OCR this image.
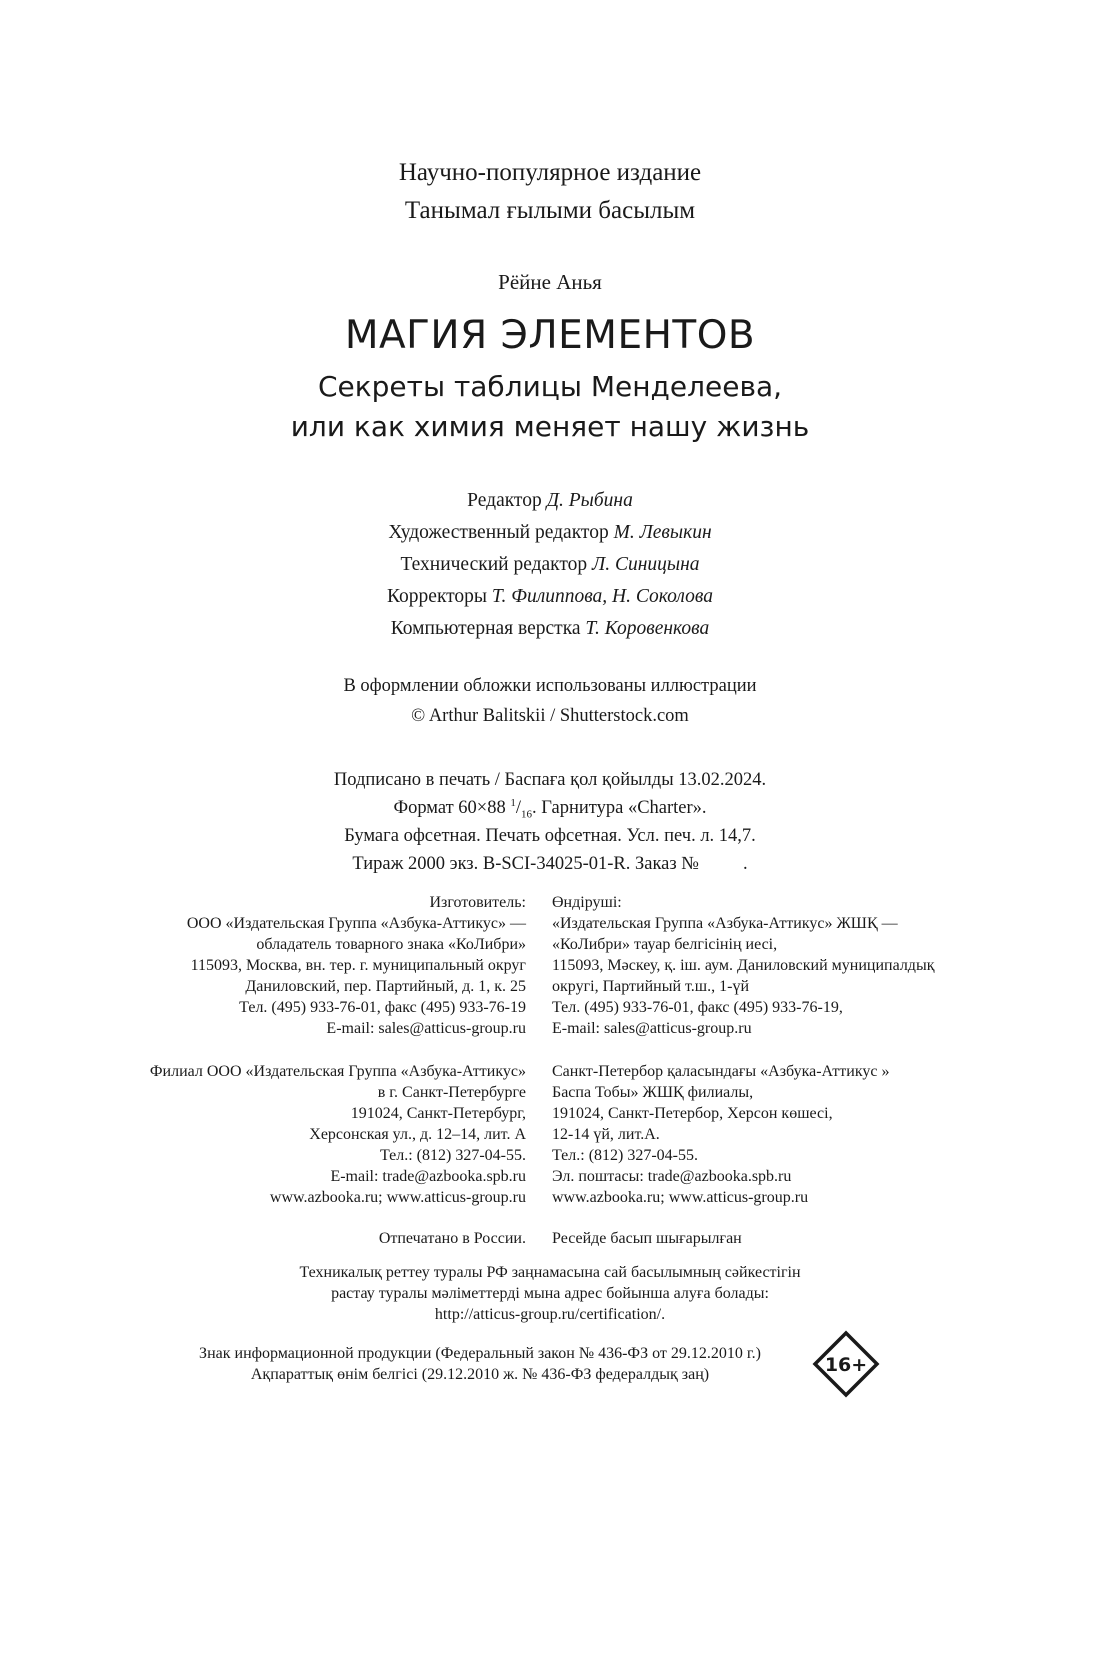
Научно-популярное издание
Танымал ғылыми басылым
Рёйне Анья
МАГИЯ ЭЛЕМЕНТОВ
Секреты таблицы Менделеева,
или как химия меняет нашу жизнь
Редактор Д. Рыбина
Художественный редактор М. Левыкин
Технический редактор Л. Синицына
Корректоры Т. Филиппова, Н. Соколова
Компьютерная верстка Т. Коровенкова
В оформлении обложки использованы иллюстрации
© Arthur Balitskii / Shutterstock.com
Подписано в печать / Баспаға қол қойылды 13.02.2024.
Формат 60×88 $^1/_{16}$. Гарнитура «Charter».
Бумага офсетная. Печать офсетная. Усл. печ. л. 14,7.
Тираж 2000 экз. B-SCI-34025-01-R. Заказ № .
Изготовитель:
ООО «Издательская Группа «Азбука-Аттикус» —
обладатель товарного знака «КоЛибри»
115093, Москва, вн. тер. г. муниципальный округ
Даниловский, пер. Партийный, д. 1, к. 25
Тел. (495) 933-76-01, факс (495) 933-76-19
E-mail: sales@atticus-group.ru
Өндіруші:
«Издательская Группа «Азбука-Аттикус» ЖШҚ —
«КоЛибри» тауар белгісінің иесі,
115093, Мәскеу, қ. іш. аум. Даниловский муниципалдық
округі, Партийный т.ш., 1-үй
Тел. (495) 933-76-01, факс (495) 933-76-19,
E-mail: sales@atticus-group.ru
Филиал ООО «Издательская Группа «Азбука-Аттикус»
в г. Санкт-Петербурге
191024, Санкт-Петербург,
Херсонская ул., д. 12–14, лит. А
Тел.: (812) 327-04-55.
E-mail: trade@azbooka.spb.ru
www.azbooka.ru; www.atticus-group.ru
Санкт-Петербор қаласындағы «Азбука-Аттикус »
Баспа Тобы» ЖШҚ филиалы,
191024, Санкт-Петербор, Херсон көшесі,
12-14 үй, лит.А.
Тел.: (812) 327-04-55.
Эл. поштасы: trade@azbooka.spb.ru
www.azbooka.ru; www.atticus-group.ru
Отпечатано в России. Ресейде басып шығарылған
Техникалық реттеу туралы РФ заңнамасына сай басылымның сәйкестігін
растау туралы мәліметтерді мына адрес бойынша алуға болады:
http://atticus-group.ru/certification/.
Знак информационной продукции (Федеральный закон № 436-ФЗ от 29.12.2010 г.)
Ақпараттық өнім белгісі (29.12.2010 ж. № 436-ФЗ федералдық заң)	16+
